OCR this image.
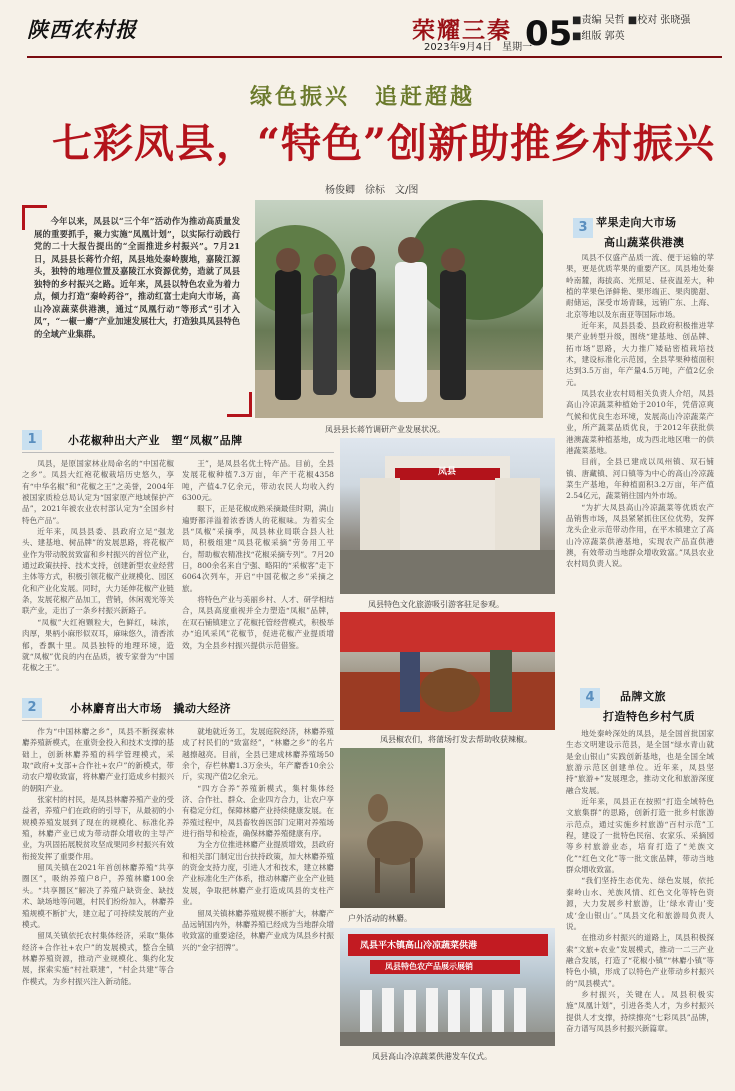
陕西农村报	荣耀三秦
2023年9月4日　星期一
05 ■责编 吴哲 ■校对 张晓强
■组版 郭英
绿色振兴　追赶超越
七彩凤县，“特色”创新助推乡村振兴
杨俊卿　徐标　文/图
今年以来，凤县以“三个年”活动作为推动高质量发展的重要抓手，聚力实施“凤凰计划”，以实际行动践行党的二十大报告提出的“全面推进乡村振兴”。7月21日，凤县县长蒋竹介绍，凤县地处秦岭腹地，嘉陵江源头，独特的地理位置及嘉陵江水资源优势，造就了凤县独特的乡村振兴之路。近年来，凤县以特色农业为着力点，倾力打造“秦岭药谷”，推动红富士走向大市场，高山冷凉蔬菜供港澳，通过“凤凰行动”等形式“引才入凤”，“一椒一麝”产业加速发展壮大，打造独具凤县特色的全域产业集群。
凤县县长蒋竹调研产业发展状况。
3 苹果走向大市场
高山蔬菜供港澳

凤县不仅盛产品质一流、便于运输的苹果，更是优质苹果的重要产区。凤县地处秦岭南麓，海拔高、光照足、昼夜温差大，种植的苹果色泽鲜艳、果形端正、果肉脆甜、耐储运，深受市场青睐，远销广东、上海、北京等地以及东南亚等国际市场。

近年来，凤县县委、县政府积极推进苹果产业转型升级，围绕“建基地、创品牌、拓市场”思路，大力推广矮砧密植栽培技术，建设标准化示范园，全县苹果种植面积达到3.5万亩，年产量4.5万吨，产值2亿余元。

凤县农业农村局相关负责人介绍，凤县高山冷凉蔬菜种植始于2010年，凭借凉爽气候和优良生态环境，发展高山冷凉蔬菜产业，所产蔬菜品质优良，于2012年获批供港澳蔬菜种植基地，成为西北地区唯一的供港蔬菜基地。

目前，全县已建成以凤州镇、双石铺镇、唐藏镇、河口镇等为中心的高山冷凉蔬菜生产基地，年种植面积3.2万亩，年产值2.54亿元，蔬菜销往国内外市场。

“为扩大凤县高山冷凉蔬菜等优质农产品销售市场，凤县紧紧抓住区位优势，发挥龙头企业示范带动作用，在平木镇建立了高山冷凉蔬菜供港基地，实现农产品直供港澳，有效带动当地群众增收致富。”凤县农业农村局负责人说。

1	小花椒种出大产业　塑“凤椒”品牌

凤县，是原国家林业局命名的“中国花椒之乡”。凤县大红袍花椒栽培历史悠久，享有“中华名椒”和“花椒之王”之美誉，2004年被国家质检总局认定为“国家原产地域保护产品”，2021年被农业农村部认定为“全国乡村特色产品”。

近年来，凤县县委、县政府立足“强龙头、建基地、树品牌”的发展思路，将花椒产业作为带动脱贫致富和乡村振兴的首位产业，通过政策扶持、技术支持，创建新型农业经营主体等方式，积极引领花椒产业规模化、园区化和产业化发展。同时，大力延伸花椒产业链条，发展花椒产品加工，营销，休闲观光等关联产业，走出了一条乡村振兴新路子。

“凤椒”大红袍颗粒大，色鲜红，味浓，肉厚，果柄小麻形似双耳，麻味悠久，清香浓郁，香飘十里。凤县独特的地理环境，造就“凤椒”优良的内在品质，被专家誉为“中国花椒之王”。

王”，是凤县名优土特产品。目前，全县发展花椒种植7.3万亩，年产干花椒4358吨，产值4.7亿余元，带动农民人均收入约6300元。

眼下，正是花椒成熟采摘最佳时期，满山遍野都洋溢着浓香诱人的花椒味。为着实全县“凤椒”采摘季，凤县林业局联合县人社局，积极组建“凤县花椒采摘”劳务用工平台，帮助椒农精准找“花椒采摘专列”。7月20日，800余名来自宁强、略阳的“采椒客”走下6064次列车，开启“中国花椒之乡”采摘之旅。

将特色产业与美丽乡村、人才、研学相结合，凤县高度重视并全力塑造“凤椒”品牌，在双石铺镇建立了花椒托管经营模式，积极举办“追风采风”花椒节，促进花椒产业提质增效，为全县乡村振兴提供示范借鉴。

凤县
凤县特色文化旅游吸引游客驻足参观。
凤县椒农们，将蒲场打发去帮助收获辣椒。
4	品牌文旅
打造特色乡村气质

地处秦岭深处的凤县，是全国首批国家生态文明建设示范县，是全国“绿水青山就是金山银山”实践创新基地，也是全国全域旅游示范区创建单位。近年来，凤县坚持“旅游+”发展理念，推动文化和旅游深度融合发展。

近年来，凤县正在按照“打造全域特色文旅集群”的思路，创新打造一批乡村旅游示范点，通过实施乡村旅游“百村示范”工程，建设了一批特色民宿、农家乐、采摘园等乡村旅游业态，培育打造了“羌族文化”“红色文化”等一批文旅品牌，带动当地群众增收致富。

“我们坚持生态优先、绿色发展，依托秦岭山水、羌族风情、红色文化等特色资源，大力发展乡村旅游，让‘绿水青山’变成‘金山银山’。”凤县文化和旅游局负责人说。

在推动乡村振兴的道路上，凤县积极探索“文旅+农业”发展模式，推动一二三产业融合发展，打造了“花椒小镇”“林麝小镇”等特色小镇，形成了以特色产业带动乡村振兴的“凤县模式”。

乡村振兴，关键在人。凤县积极实施“凤凰计划”，引进各类人才，为乡村振兴提供人才支撑，持续擦亮“七彩凤县”品牌，奋力谱写凤县乡村振兴新篇章。

2	小林麝育出大市场　撬动大经济

作为“中国林麝之乡”，凤县不断探索林麝养殖新模式，在重资金投入和技术支撑的基础上，创新林麝养殖的科学管理模式，采取“政府+支部+合作社+农户”的新模式，带动农户增收致富，将林麝产业打造成乡村振兴的朝阳产业。

张家村的村民，是凤县林麝养殖产业的受益者，养殖户们在政府的引导下，从最初的小规模养殖发展到了现在的规模化、标准化养殖，林麝产业已成为带动群众增收的主导产业，为巩固拓展脱贫攻坚成果同乡村振兴有效衔接发挥了重要作用。

留凤关镇在2021年首创林麝养殖“共享圈区”，吸纳养殖户8户，养殖林麝100余头。“共享圈区”解决了养殖户缺资金、缺技术、缺场地等问题，村民们纷纷加入，林麝养殖规模不断扩大，建立起了可持续发展的产业模式。

留凤关镇依托农村集体经济，采取“集体经济+合作社+农户”的发展模式，整合全镇林麝养殖资源，推动产业规模化、集约化发展，探索实施“村社联建”，“村企共建”等合作模式，为乡村振兴注入新动能。

就地就近务工，发展庭院经济，林麝养殖成了村民们的“致富经”，“林麝之乡”的名片越擦越亮。目前，全县已建成林麝养殖场50余个，存栏林麝1.3万余头，年产麝香10余公斤，实现产值2亿余元。

“四方合养”养殖新模式，集村集体经济、合作社、群众、企业四方合力，让农户享有稳定分红，保障林麝产业持续健康发展。在养殖过程中，凤县畜牧兽医部门定期对养殖场进行指导和检查，确保林麝养殖健康有序。

为全方位推进林麝产业提质增效，县政府和相关部门制定出台扶持政策，加大林麝养殖的资金支持力度，引进人才和技术，建立林麝产业标准化生产体系，推动林麝产业全产业链发展，争取把林麝产业打造成凤县的支柱产业。

留凤关镇林麝养殖规模不断扩大，林麝产品远销国内外，林麝养殖已经成为当地群众增收致富的重要途径，林麝产业成为凤县乡村振兴的“金字招牌”。

户外活动的林麝。
凤县平木镇高山冷凉蔬菜供港
凤县特色农产品展示展销
凤县高山冷凉蔬菜供港发车仪式。
